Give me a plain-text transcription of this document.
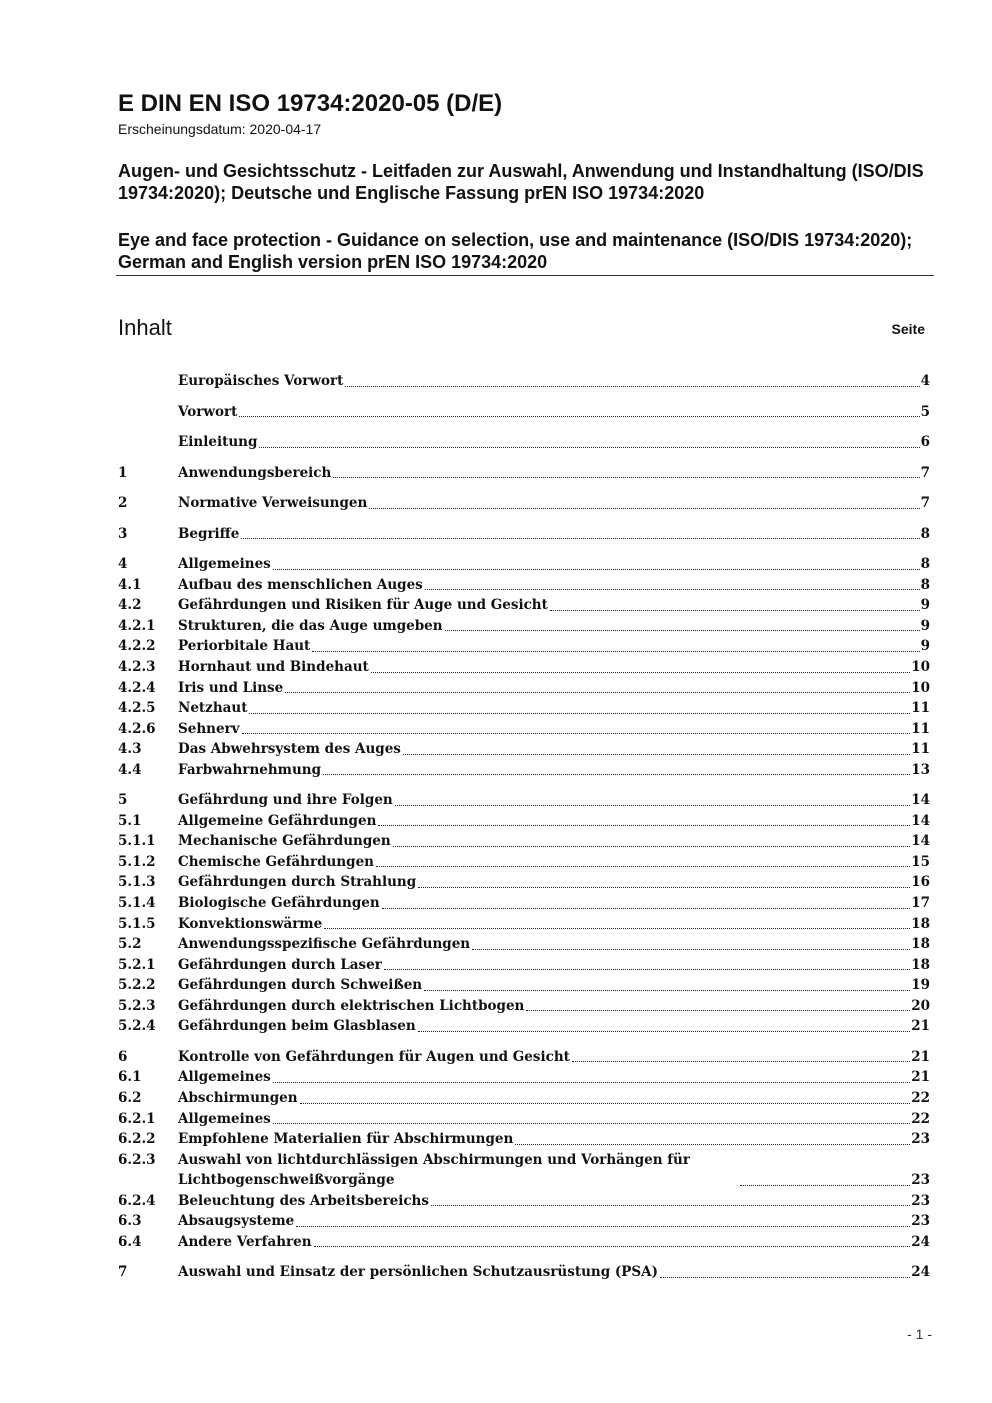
E DIN EN ISO 19734:2020-05 (D/E)
Erscheinungsdatum: 2020-04-17
Augen- und Gesichtsschutz - Leitfaden zur Auswahl, Anwendung und Instandhaltung (ISO/DIS 19734:2020); Deutsche und Englische Fassung prEN ISO 19734:2020
Eye and face protection - Guidance on selection, use and maintenance (ISO/DIS 19734:2020); German and English version prEN ISO 19734:2020
Inhalt	Seite
Europäisches Vorwort	4
Vorwort	5
Einleitung	6
1	Anwendungsbereich	7
2	Normative Verweisungen	7
3	Begriffe	8
4	Allgemeines	8
4.1	Aufbau des menschlichen Auges	8
4.2	Gefährdungen und Risiken für Auge und Gesicht	9
4.2.1	Strukturen, die das Auge umgeben	9
4.2.2	Periorbitale Haut	9
4.2.3	Hornhaut und Bindehaut	10
4.2.4	Iris und Linse	10
4.2.5	Netzhaut	11
4.2.6	Sehnerv	11
4.3	Das Abwehrsystem des Auges	11
4.4	Farbwahrnehmung	13
5	Gefährdung und ihre Folgen	14
5.1	Allgemeine Gefährdungen	14
5.1.1	Mechanische Gefährdungen	14
5.1.2	Chemische Gefährdungen	15
5.1.3	Gefährdungen durch Strahlung	16
5.1.4	Biologische Gefährdungen	17
5.1.5	Konvektionswärme	18
5.2	Anwendungsspezifische Gefährdungen	18
5.2.1	Gefährdungen durch Laser	18
5.2.2	Gefährdungen durch Schweißen	19
5.2.3	Gefährdungen durch elektrischen Lichtbogen	20
5.2.4	Gefährdungen beim Glasblasen	21
6	Kontrolle von Gefährdungen für Augen und Gesicht	21
6.1	Allgemeines	21
6.2	Abschirmungen	22
6.2.1	Allgemeines	22
6.2.2	Empfohlene Materialien für Abschirmungen	23
6.2.3	Auswahl von lichtdurchlässigen Abschirmungen und Vorhängen für Lichtbogenschweißvorgänge	23
6.2.4	Beleuchtung des Arbeitsbereichs	23
6.3	Absaugsysteme	23
6.4	Andere Verfahren	24
7	Auswahl und Einsatz der persönlichen Schutzausrüstung (PSA)	24
- 1 -
